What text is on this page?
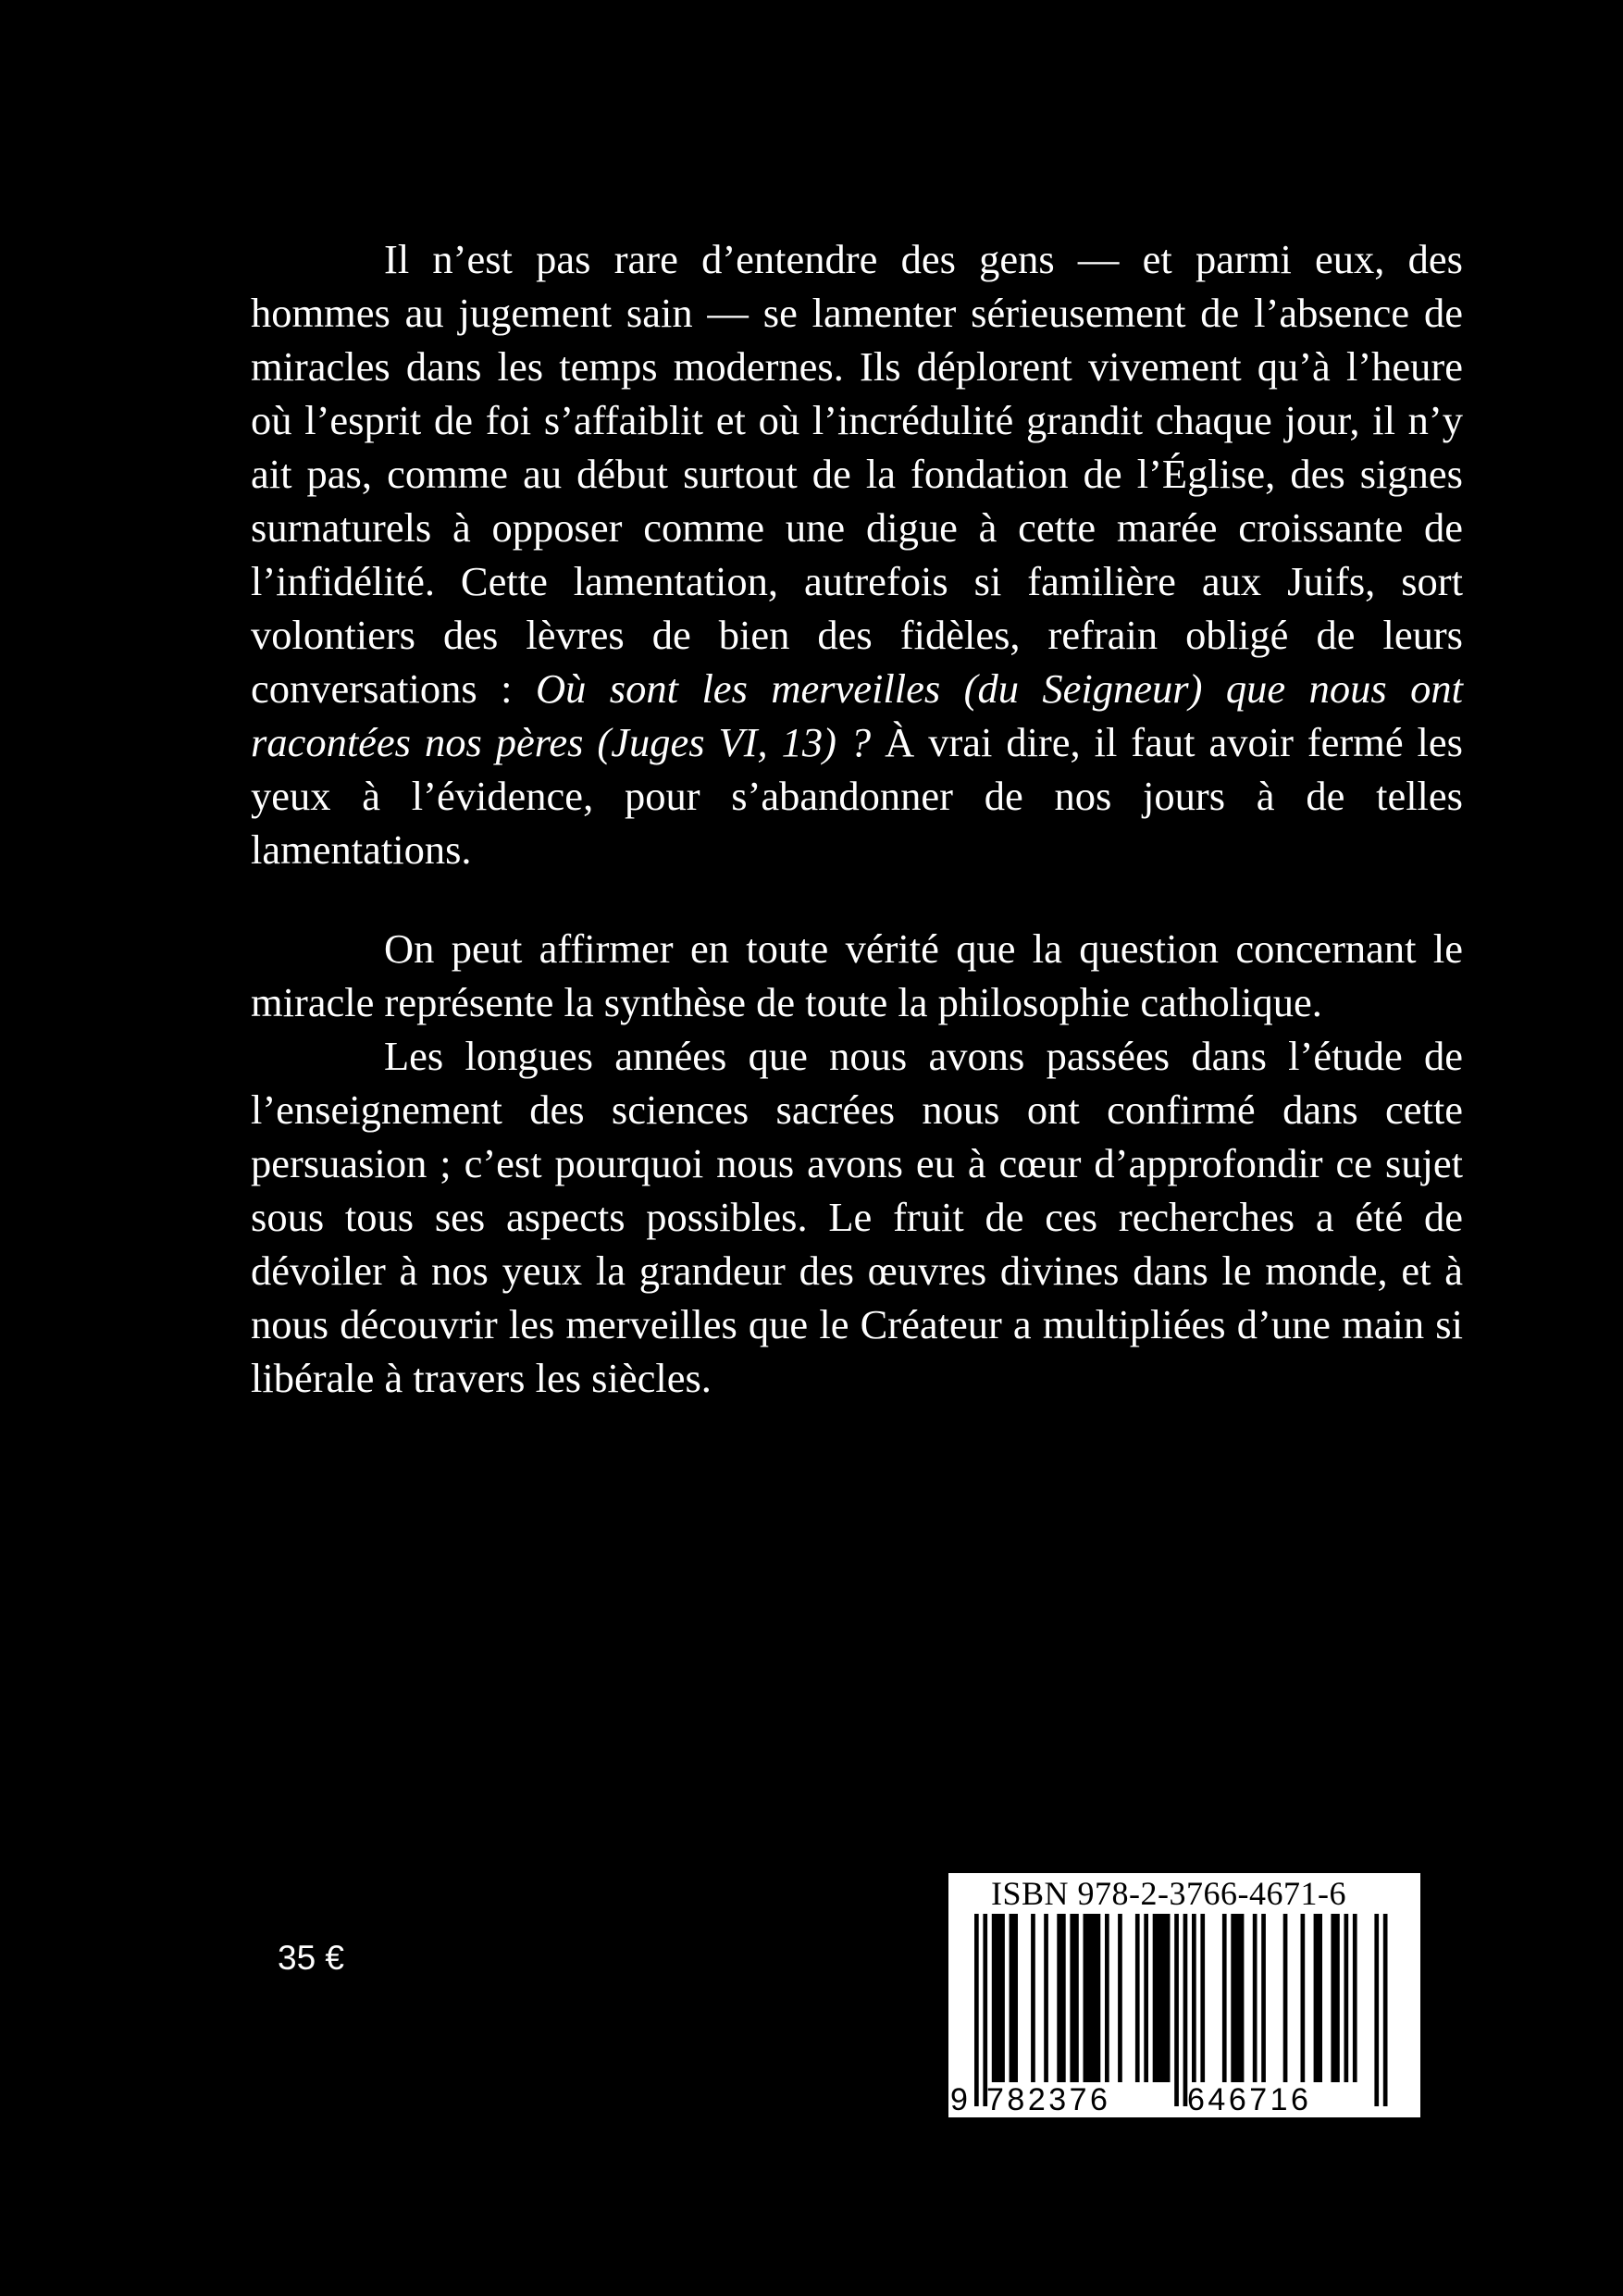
Il n’est pas rare d’entendre des gens — et parmi eux, des hommes au jugement sain — se lamenter sérieusement de l’absence de miracles dans les temps modernes. Ils déplorent vivement qu’à l’heure où l’esprit de foi s’affaiblit et où l’incrédulité grandit chaque jour, il n’y ait pas, comme au début surtout de la fondation de l’Église, des signes surnaturels à opposer comme une digue à cette marée croissante de l’infidélité. Cette lamentation, autrefois si familière aux Juifs, sort volontiers des lèvres de bien des fidèles, refrain obligé de leurs conversations : Où sont les merveilles (du Seigneur) que nous ont racontées nos pères (Juges VI, 13) ? À vrai dire, il faut avoir fermé les yeux à l’évidence, pour s’abandonner de nos jours à de telles lamentations.

On peut affirmer en toute vérité que la question concernant le miracle représente la synthèse de toute la philosophie catholique.

Les longues années que nous avons passées dans l’étude de l’enseignement des sciences sacrées nous ont confirmé dans cette persuasion ; c’est pourquoi nous avons eu à cœur d’approfondir ce sujet sous tous ses aspects possibles. Le fruit de ces recherches a été de dévoiler à nos yeux la grandeur des œuvres divines dans le monde, et à nous découvrir les merveilles que le Créateur a multipliées d’une main si libérale à travers les siècles.

35 €
ISBN 978-2-3766-4671-6
9 782376 646716
